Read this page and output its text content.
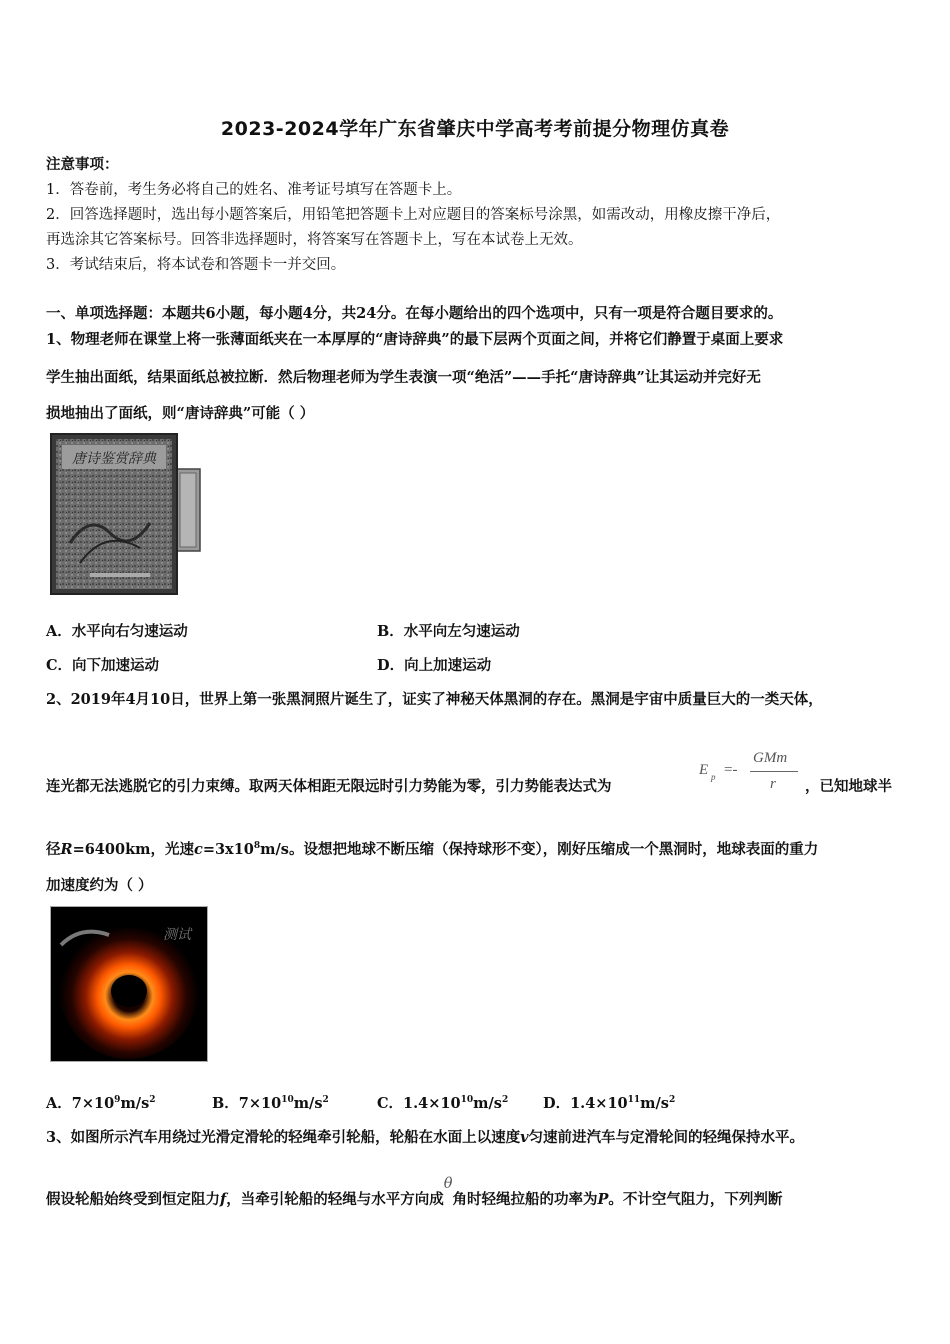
2023-2024学年广东省肇庆中学高考考前提分物理仿真卷
注意事项：
1．答卷前，考生务必将自己的姓名、准考证号填写在答题卡上。
2．回答选择题时，选出每小题答案后，用铅笔把答题卡上对应题目的答案标号涂黑，如需改动，用橡皮擦干净后，
再选涂其它答案标号。回答非选择题时，将答案写在答题卡上，写在本试卷上无效。
3．考试结束后，将本试卷和答题卡一并交回。
一、单项选择题：本题共6小题，每小题4分，共24分。在每小题给出的四个选项中，只有一项是符合题目要求的。
1、物理老师在课堂上将一张薄面纸夹在一本厚厚的“唐诗辞典”的最下层两个页面之间，并将它们静置于桌面上要求
学生抽出面纸，结果面纸总被拉断．然后物理老师为学生表演一项“绝活”——手托“唐诗辞典”让其运动并完好无
损地抽出了面纸，则“唐诗辞典”可能（ ）
唐诗鉴赏辞典
A．水平向右匀速运动	B．水平向左匀速运动
C．向下加速运动	D．向上加速运动
2、2019年4月10日，世界上第一张黑洞照片诞生了，证实了神秘天体黑洞的存在。黑洞是宇宙中质量巨大的一类天体，
连光都无法逃脱它的引力束缚。取两天体相距无限远时引力势能为零，引力势能表达式为
E p =-
GMm
r ，已知地球半
径R=6400km，光速$c=3x10^8m/s$。设想把地球不断压缩（保持球形不变），刚好压缩成一个黑洞时，地球表面的重力
加速度约为（ ）
测试
A．$7\times 10^9m/s^2$	B．$7\times 10^{10}m/s^2$	C．$1.4\times 10^{10}m/s^2$ D．$1.4\times 10^{11}m/s^2$
3、如图所示汽车用绕过光滑定滑轮的轻绳牵引轮船，轮船在水面上以速度v匀速前进汽车与定滑轮间的轻绳保持水平。
假设轮船始终受到恒定阻力f，当牵引轮船的轻绳与水平方向成θ角时轻绳拉船的功率为P。不计空气阻力，下列判断
